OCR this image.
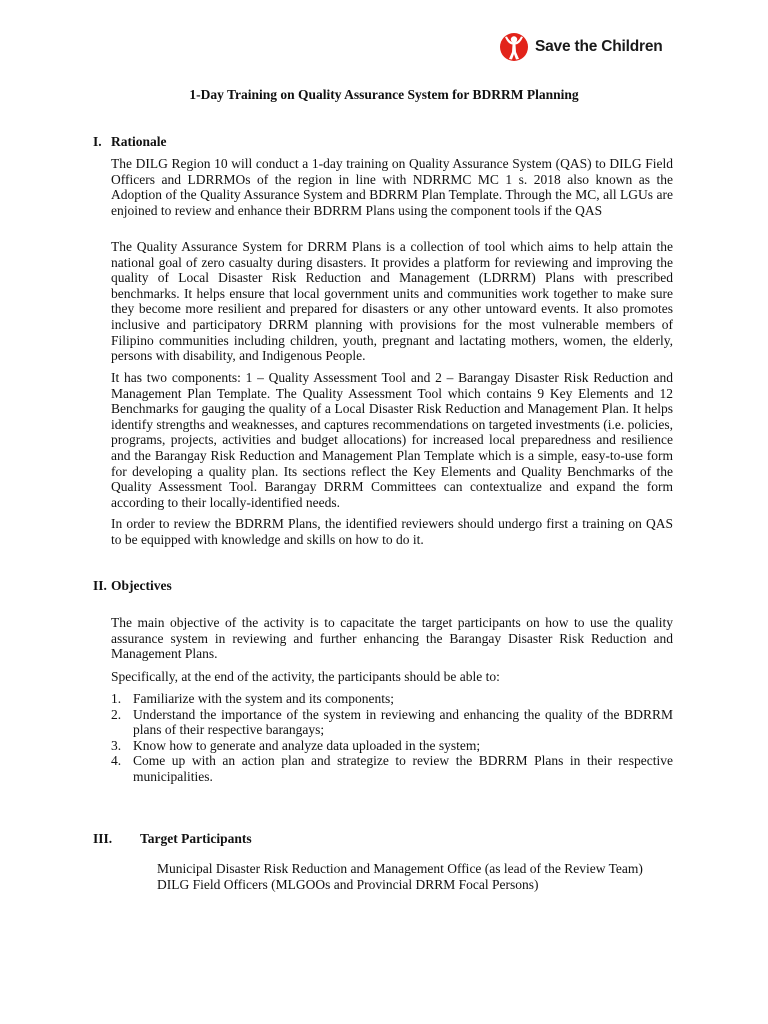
Save the Children
1-Day Training on Quality Assurance System for BDRRM Planning
I. Rationale

The DILG Region 10 will conduct a 1-day training on Quality Assurance System (QAS) to DILG Field Officers and LDRRMOs of the region in line with NDRRMC MC 1 s. 2018 also known as the Adoption of the Quality Assurance System and BDRRM Plan Template. Through the MC, all LGUs are enjoined to review and enhance their BDRRM Plans using the component tools if the QAS

The Quality Assurance System for DRRM Plans is a collection of tool which aims to help attain the national goal of zero casualty during disasters. It provides a platform for reviewing and improving the quality of Local Disaster Risk Reduction and Management (LDRRM) Plans with prescribed benchmarks. It helps ensure that local government units and communities work together to make sure they become more resilient and prepared for disasters or any other untoward events. It also promotes inclusive and participatory DRRM planning with provisions for the most vulnerable members of Filipino communities including children, youth, pregnant and lactating mothers, women, the elderly, persons with disability, and Indigenous People.

It has two components: 1 – Quality Assessment Tool and 2 – Barangay Disaster Risk Reduction and Management Plan Template. The Quality Assessment Tool which contains 9 Key Elements and 12 Benchmarks for gauging the quality of a Local Disaster Risk Reduction and Management Plan. It helps identify strengths and weaknesses, and captures recommendations on targeted investments (i.e. policies, programs, projects, activities and budget allocations) for increased local preparedness and resilience and the Barangay Risk Reduction and Management Plan Template which is a simple, easy-to-use form for developing a quality plan. Its sections reflect the Key Elements and Quality Benchmarks of the Quality Assessment Tool. Barangay DRRM Committees can contextualize and expand the form according to their locally-identified needs.

In order to review the BDRRM Plans, the identified reviewers should undergo first a training on QAS to be equipped with knowledge and skills on how to do it.

II. Objectives

The main objective of the activity is to capacitate the target participants on how to use the quality assurance system in reviewing and further enhancing the Barangay Disaster Risk Reduction and Management Plans.

Specifically, at the end of the activity, the participants should be able to:

1. Familiarize with the system and its components;
2. Understand the importance of the system in reviewing and enhancing the quality of the BDRRM plans of their respective barangays;
3. Know how to generate and analyze data uploaded in the system;
4. Come up with an action plan and strategize to review the BDRRM Plans in their respective municipalities.
III.	Target Participants
Municipal Disaster Risk Reduction and Management Office (as lead of the Review Team)
DILG Field Officers (MLGOOs and Provincial DRRM Focal Persons)
